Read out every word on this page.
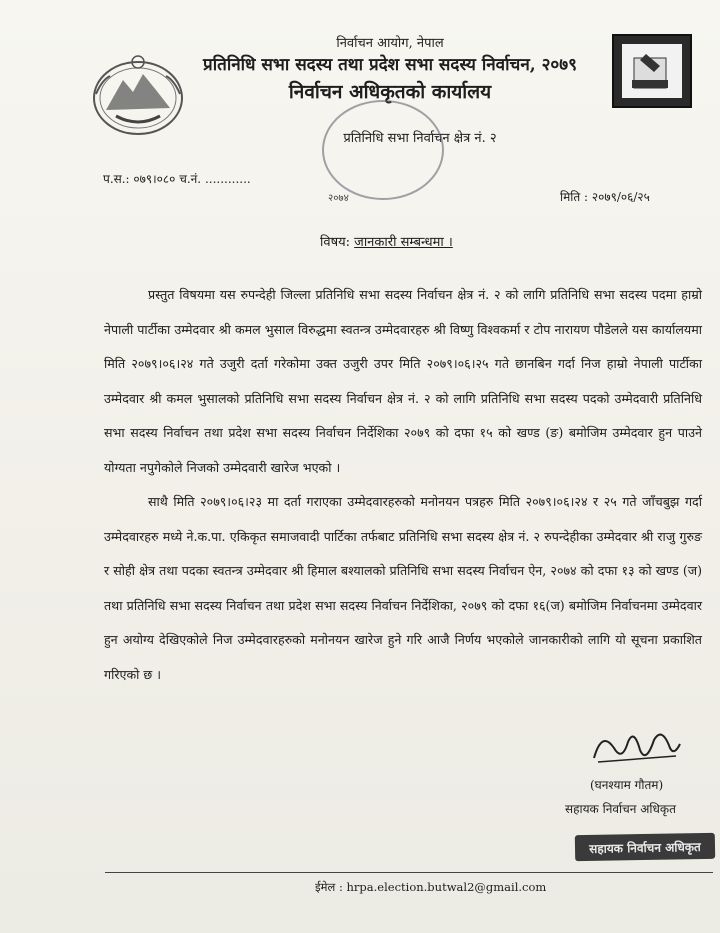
निर्वाचन आयोग, नेपाल
प्रतिनिधि सभा सदस्य तथा प्रदेश सभा सदस्य निर्वाचन, २०७९
निर्वाचन अधिकृतको कार्यालय
प्रतिनिधि सभा निर्वाचन क्षेत्र नं. २
२०७४
प.स.: ०७९।०८० च.नं. ............
मिति : २०७९/०६/२५
विषय: जानकारी सम्बन्धमा ।

प्रस्तुत विषयमा यस रुपन्देही जिल्ला प्रतिनिधि सभा सदस्य निर्वाचन क्षेत्र नं. २ को लागि प्रतिनिधि सभा सदस्य पदमा हाम्रो नेपाली पार्टीका उम्मेदवार श्री कमल भुसाल विरुद्धमा स्वतन्त्र उम्मेदवारहरु श्री विष्णु विश्वकर्मा र टोप नारायण पौडेलले यस कार्यालयमा मिति २०७९।०६।२४ गते उजुरी दर्ता गरेकोमा उक्त उजुरी उपर मिति २०७९।०६।२५ गते छानबिन गर्दा निज हाम्रो नेपाली पार्टीका उम्मेदवार श्री कमल भुसालको प्रतिनिधि सभा सदस्य निर्वाचन क्षेत्र नं. २ को लागि प्रतिनिधि सभा सदस्य पदको उम्मेदवारी प्रतिनिधि सभा सदस्य निर्वाचन तथा प्रदेश सभा सदस्य निर्वाचन निर्देशिका २०७९ को दफा १५ को खण्ड (ङ) बमोजिम उम्मेदवार हुन पाउने योग्यता नपुगेकोले निजको उम्मेदवारी खारेज भएको ।

साथै मिति २०७९।०६।२३ मा दर्ता गराएका उम्मेदवारहरुको मनोनयन पत्रहरु मिति २०७९।०६।२४ र २५ गते जाँचबुझ गर्दा उम्मेदवारहरु मध्ये ने.क.पा. एकिकृत समाजवादी पार्टिका तर्फबाट प्रतिनिधि सभा सदस्य क्षेत्र नं. २ रुपन्देहीका उम्मेदवार श्री राजु गुरुङ र सोही क्षेत्र तथा पदका स्वतन्त्र उम्मेदवार श्री हिमाल बश्यालको प्रतिनिधि सभा सदस्य निर्वाचन ऐन, २०७४ को दफा १३ को खण्ड (ज) तथा प्रतिनिधि सभा सदस्य निर्वाचन तथा प्रदेश सभा सदस्य निर्वाचन निर्देशिका, २०७९ को दफा १६(ज) बमोजिम निर्वाचनमा उम्मेदवार हुन अयोग्य देखिएकोले निज उम्मेदवारहरुको मनोनयन खारेज हुने गरि आजै निर्णय भएकोले जानकारीको लागि यो सूचना प्रकाशित गरिएको छ ।

(घनश्याम गौतम)
सहायक निर्वाचन अधिकृत
सहायक निर्वाचन अधिकृत
ईमेल : hrpa.election.butwal2@gmail.com
